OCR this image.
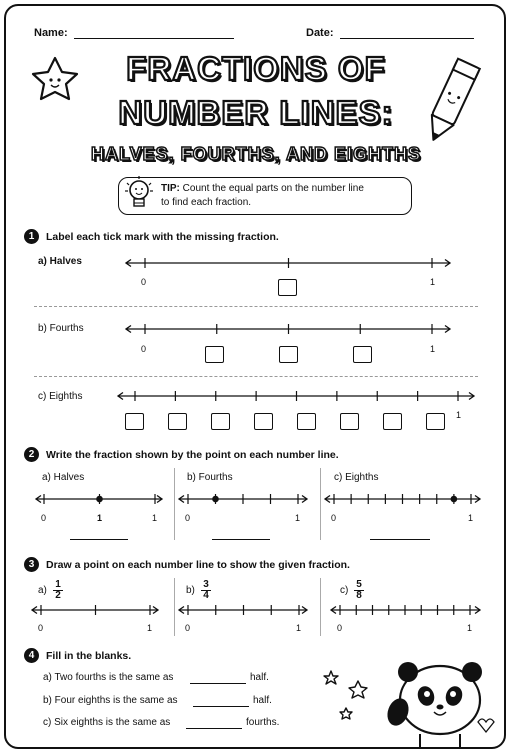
Name:	Date:
FRACTIONS OF
NUMBER LINES:
HALVES, FOURTHS, AND EIGHTHS
TIP: Count the equal parts on the number line
to find each fraction.
1	Label each tick mark with the missing fraction.
a) Halves
0	1
b) Fourths
0	1
c) Eighths
1
2	Write the fraction shown by the point on each number line.
a) Halves	b) Fourths	c) Eighths
0	1	0	1	0	1
1
3	Draw a point on each number line to show the given fraction.
$a) \frac{1}{2}$	$b) \frac{3}{4}$	$c) \frac{5}{8}$
0	1	0	1	0	1
4	Fill in the blanks.
a) Two fourths is the same as	half.
b) Four eighths is the same as	half.
c) Six eighths is the same as	fourths.
